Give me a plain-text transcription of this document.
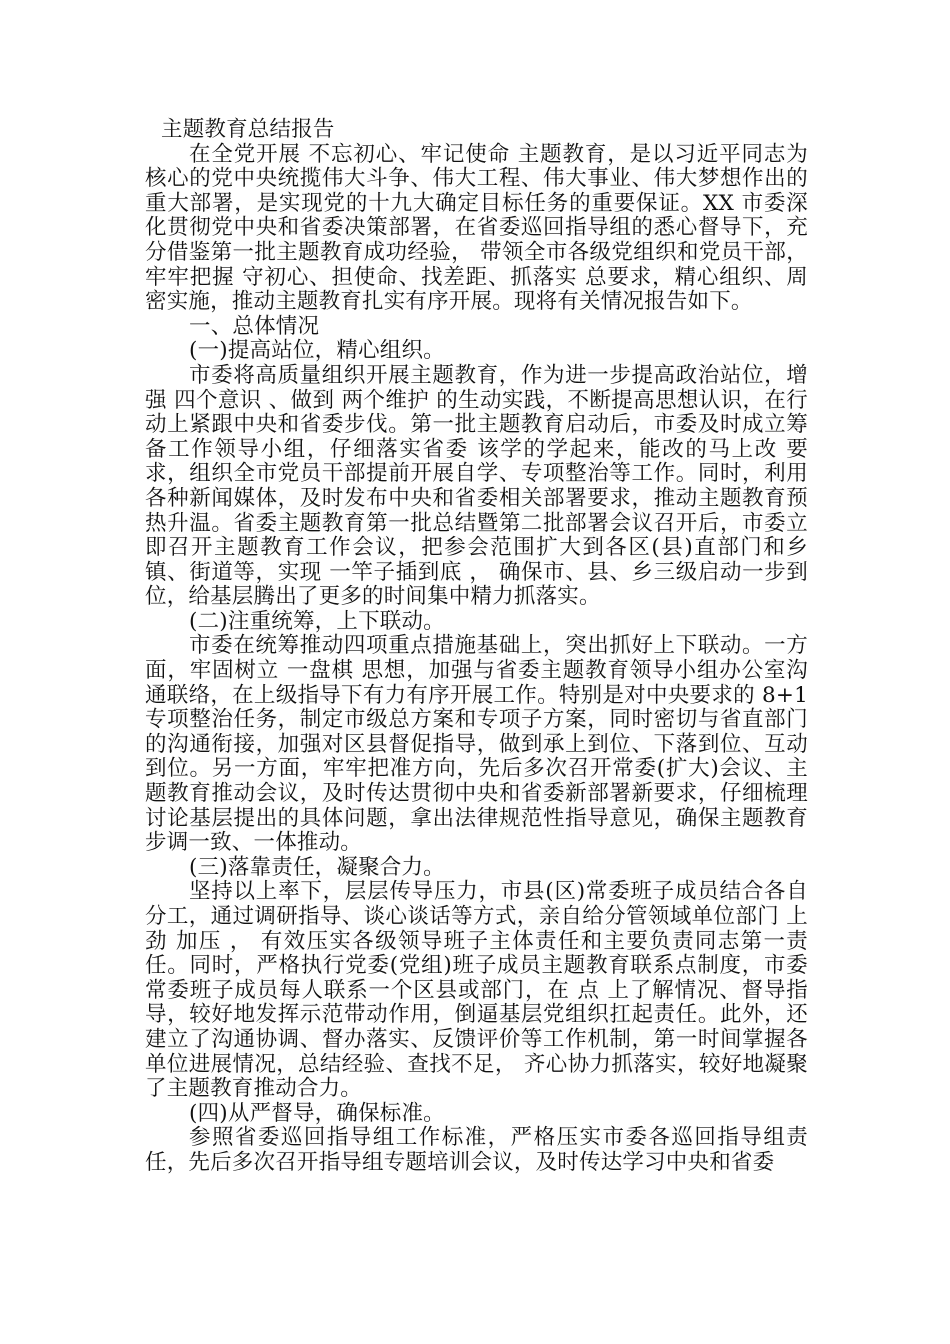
主题教育总结报告

在全党开展 不忘初心、牢记使命 主题教育，是以习近平同志为核心的党中央统揽伟大斗争、伟大工程、伟大事业、伟大梦想作出的重大部署，是实现党的十九大确定目标任务的重要保证。XX 市委深化贯彻党中央和省委决策部署，在省委巡回指导组的悉心督导下，充分借鉴第一批主题教育成功经验， 带领全市各级党组织和党员干部，牢牢把握 守初心、担使命、找差距、抓落实 总要求，精心组织、周密实施，推动主题教育扎实有序开展。现将有关情况报告如下。

一、总体情况

(一)提高站位，精心组织。

市委将高质量组织开展主题教育，作为进一步提高政治站位，增强 四个意识 、做到 两个维护 的生动实践，不断提高思想认识，在行动上紧跟中央和省委步伐。第一批主题教育启动后，市委及时成立筹备工作领导小组，仔细落实省委 该学的学起来，能改的马上改 要求，组织全市党员干部提前开展自学、专项整治等工作。同时，利用各种新闻媒体，及时发布中央和省委相关部署要求，推动主题教育预热升温。省委主题教育第一批总结暨第二批部署会议召开后，市委立即召开主题教育工作会议，把参会范围扩大到各区(县)直部门和乡镇、街道等，实现 一竿子插到底 ， 确保市、县、乡三级启动一步到位，给基层腾出了更多的时间集中精力抓落实。

(二)注重统筹，上下联动。

市委在统筹推动四项重点措施基础上，突出抓好上下联动。一方面，牢固树立 一盘棋 思想，加强与省委主题教育领导小组办公室沟通联络，在上级指导下有力有序开展工作。特别是对中央要求的 8+1 专项整治任务，制定市级总方案和专项子方案，同时密切与省直部门的沟通衔接，加强对区县督促指导，做到承上到位、下落到位、互动到位。另一方面，牢牢把准方向，先后多次召开常委(扩大)会议、主题教育推动会议，及时传达贯彻中央和省委新部署新要求，仔细梳理讨论基层提出的具体问题，拿出法律规范性指导意见，确保主题教育步调一致、一体推动。

(三)落靠责任，凝聚合力。

坚持以上率下，层层传导压力，市县(区)常委班子成员结合各自分工，通过调研指导、谈心谈话等方式，亲自给分管领域单位部门 上劲 加压 ， 有效压实各级领导班子主体责任和主要负责同志第一责任。同时，严格执行党委(党组)班子成员主题教育联系点制度，市委常委班子成员每人联系一个区县或部门，在 点 上了解情况、督导指导，较好地发挥示范带动作用，倒逼基层党组织扛起责任。此外，还建立了沟通协调、督办落实、反馈评价等工作机制，第一时间掌握各单位进展情况，总结经验、查找不足， 齐心协力抓落实，较好地凝聚了主题教育推动合力。

(四)从严督导，确保标准。

参照省委巡回指导组工作标准，严格压实市委各巡回指导组责任，先后多次召开指导组专题培训会议，及时传达学习中央和省委
